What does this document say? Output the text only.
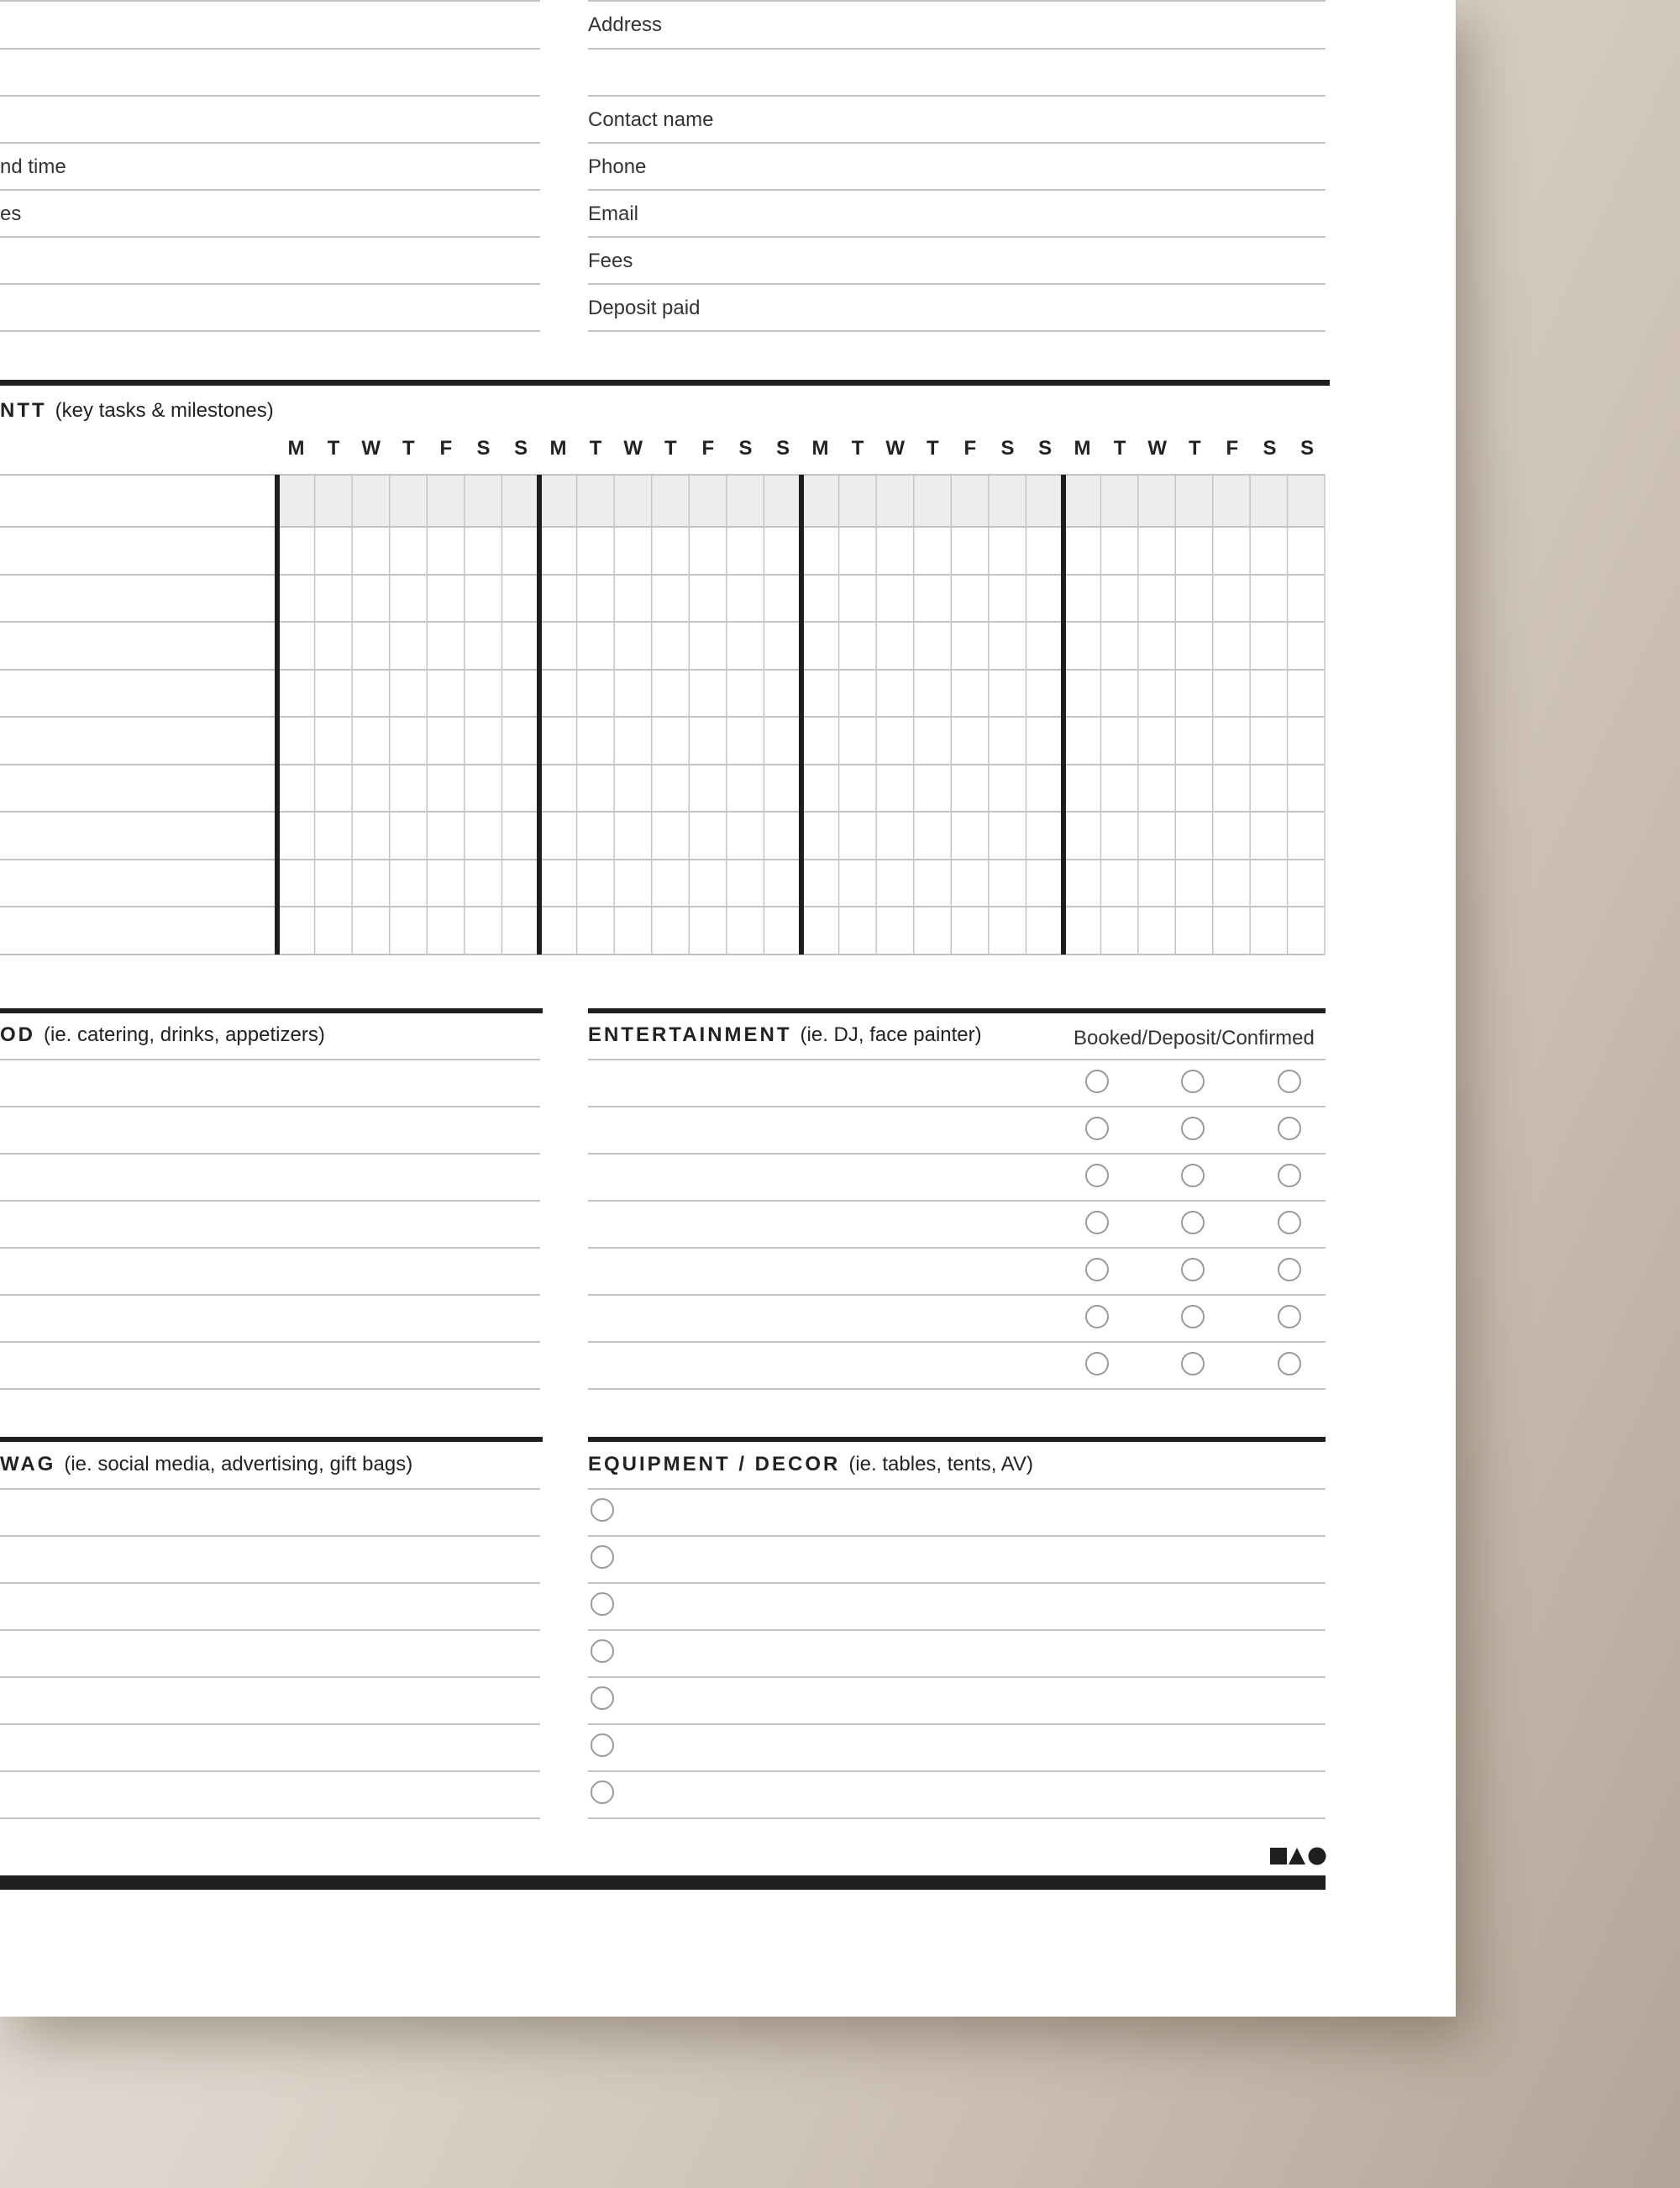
nd time
es
Address
Contact name
Phone
Email
Fees
Deposit paid
NTT (key tasks & milestones)
M	T	W	T	F	S	S	M	T	W	T	F	S	S	M	T	W	T	F	S	S	M	T	W	T	F	S	S
OD (ie. catering, drinks, appetizers)	ENTERTAINMENT (ie. DJ, face painter)	Booked/Deposit/Confirmed
WAG (ie. social media, advertising, gift bags)	EQUIPMENT / DECOR (ie. tables, tents, AV)
